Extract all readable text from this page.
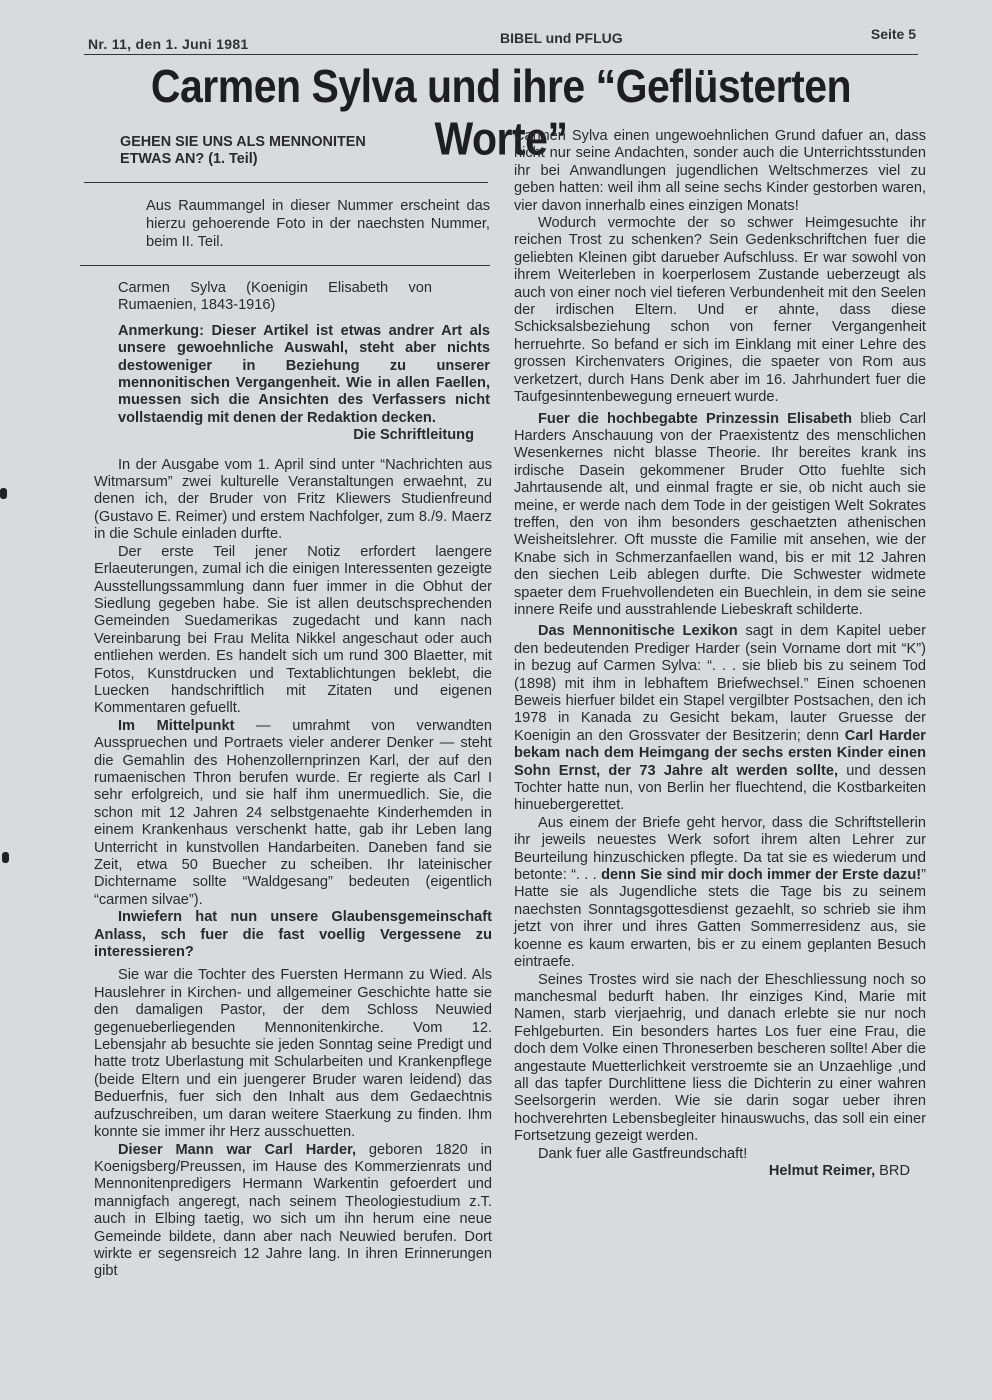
Nr. 11, den 1. Juni 1981	BIBEL und PFLUG	Seite 5
Carmen Sylva und ihre “Geflüsterten Worte”

GEHEN SIE UNS ALS MENNONITEN

ETWAS AN? (1. Teil)

Aus Raummangel in dieser Nummer erscheint das hierzu gehoerende Foto in der naechsten Nummer, beim II. Teil.

Carmen Sylva (Koenigin Elisabeth von Rumaenien, 1843-1916)

Anmerkung: Dieser Artikel ist etwas andrer Art als unsere gewoehnliche Auswahl, steht aber nichts destoweniger in Beziehung zu unserer mennonitischen Vergangenheit. Wie in allen Faellen, muessen sich die Ansichten des Verfassers nicht vollstaendig mit denen der Redaktion decken.

Die Schriftleitung

In der Ausgabe vom 1. April sind unter “Nachrichten aus Witmarsum” zwei kulturelle Veranstaltungen erwaehnt, zu denen ich, der Bruder von Fritz Kliewers Studienfreund (Gustavo E. Reimer) und erstem Nachfolger, zum 8./9. Maerz in die Schule einladen durfte.

Der erste Teil jener Notiz erfordert laengere Erlaeuterungen, zumal ich die einigen Interessenten gezeigte Ausstellungssammlung dann fuer immer in die Obhut der Siedlung gegeben habe. Sie ist allen deutschsprechenden Gemeinden Suedamerikas zugedacht und kann nach Vereinbarung bei Frau Melita Nikkel angeschaut oder auch entliehen werden. Es handelt sich um rund 300 Blaetter, mit Fotos, Kunstdrucken und Textablichtungen beklebt, die Luecken handschriftlich mit Zitaten und eigenen Kommentaren gefuellt.

Im Mittelpunkt — umrahmt von verwandten Ausspruechen und Portraets vieler anderer Denker — steht die Gemahlin des Hohenzollernprinzen Karl, der auf den rumaenischen Thron berufen wurde. Er regierte als Carl I sehr erfolgreich, und sie half ihm unermuedlich. Sie, die schon mit 12 Jahren 24 selbstgenaehte Kinderhemden in einem Krankenhaus verschenkt hatte, gab ihr Leben lang Unterricht in kunstvollen Handarbeiten. Daneben fand sie Zeit, etwa 50 Buecher zu scheiben. Ihr lateinischer Dichtername sollte “Waldgesang” bedeuten (eigentlich “carmen silvae”).

Inwiefern hat nun unsere Glaubensgemeinschaft Anlass, sch fuer die fast voellig Vergessene zu interessieren?

Sie war die Tochter des Fuersten Hermann zu Wied. Als Hauslehrer in Kirchen- und allgemeiner Geschichte hatte sie den damaligen Pastor, der dem Schloss Neuwied gegenueberliegenden Mennonitenkirche. Vom 12. Lebensjahr ab besuchte sie jeden Sonntag seine Predigt und hatte trotz Uberlastung mit Schularbeiten und Krankenpflege (beide Eltern und ein juengerer Bruder waren leidend) das Beduerfnis, fuer sich den Inhalt aus dem Gedaechtnis aufzuschreiben, um daran weitere Staerkung zu finden. Ihm konnte sie immer ihr Herz ausschuetten.

Dieser Mann war Carl Harder, geboren 1820 in Koenigsberg/Preussen, im Hause des Kommerzienrats und Mennonitenpredigers Hermann Warkentin gefoerdert und mannigfach angeregt, nach seinem Theologiestudium z.T. auch in Elbing taetig, wo sich um ihn herum eine neue Gemeinde bildete, dann aber nach Neuwied berufen. Dort wirkte er segensreich 12 Jahre lang. In ihren Erinnerungen gibt

Carmen Sylva einen ungewoehnlichen Grund dafuer an, dass nicht nur seine Andachten, sonder auch die Unterrichtsstunden ihr bei Anwandlungen jugendlichen Weltschmerzes viel zu geben hatten: weil ihm all seine sechs Kinder gestorben waren, vier davon innerhalb eines einzigen Monats!

Wodurch vermochte der so schwer Heimgesuchte ihr reichen Trost zu schenken? Sein Gedenkschriftchen fuer die geliebten Kleinen gibt darueber Aufschluss. Er war sowohl von ihrem Weiterleben in koerperlosem Zustande ueberzeugt als auch von einer noch viel tieferen Verbundenheit mit den Seelen der irdischen Eltern. Und er ahnte, dass diese Schicksalsbeziehung schon von ferner Vergangenheit herruehrte. So befand er sich im Einklang mit einer Lehre des grossen Kirchenvaters Origines, die spaeter von Rom aus verketzert, durch Hans Denk aber im 16. Jahrhundert fuer die Taufgesinntenbewegung erneuert wurde.

Fuer die hochbegabte Prinzessin Elisabeth blieb Carl Harders Anschauung von der Praexistentz des menschlichen Wesenkernes nicht blasse Theorie. Ihr bereites krank ins irdische Dasein gekommener Bruder Otto fuehlte sich Jahrtausende alt, und einmal fragte er sie, ob nicht auch sie meine, er werde nach dem Tode in der geistigen Welt Sokrates treffen, den von ihm besonders geschaetzten athenischen Weisheitslehrer. Oft musste die Familie mit ansehen, wie der Knabe sich in Schmerzanfaellen wand, bis er mit 12 Jahren den siechen Leib ablegen durfte. Die Schwester widmete spaeter dem Fruehvollendeten ein Buechlein, in dem sie seine innere Reife und ausstrahlende Liebeskraft schilderte.

Das Mennonitische Lexikon sagt in dem Kapitel ueber den bedeutenden Prediger Harder (sein Vorname dort mit “K”) in bezug auf Carmen Sylva: “. . . sie blieb bis zu seinem Tod (1898) mit ihm in lebhaftem Briefwechsel.” Einen schoenen Beweis hierfuer bildet ein Stapel vergilbter Postsachen, den ich 1978 in Kanada zu Gesicht bekam, lauter Gruesse der Koenigin an den Grossvater der Besitzerin; denn Carl Harder bekam nach dem Heimgang der sechs ersten Kinder einen Sohn Ernst, der 73 Jahre alt werden sollte, und dessen Tochter hatte nun, von Berlin her fluechtend, die Kostbarkeiten hinuebergerettet.

Aus einem der Briefe geht hervor, dass die Schriftstellerin ihr jeweils neuestes Werk sofort ihrem alten Lehrer zur Beurteilung hinzuschicken pflegte. Da tat sie es wiederum und betonte: “. . . denn Sie sind mir doch immer der Erste dazu!” Hatte sie als Jugendliche stets die Tage bis zu seinem naechsten Sonntagsgottesdienst gezaehlt, so schrieb sie ihm jetzt von ihrer und ihres Gatten Sommerresidenz aus, sie koenne es kaum erwarten, bis er zu einem geplanten Besuch eintraefe.

Seines Trostes wird sie nach der Eheschliessung noch so manchesmal bedurft haben. Ihr einziges Kind, Marie mit Namen, starb vierjaehrig, und danach erlebte sie nur noch Fehlgeburten. Ein besonders hartes Los fuer eine Frau, die doch dem Volke einen Throneserben bescheren sollte! Aber die angestaute Muetterlichkeit verstroemte sie an Unzaehlige ,und all das tapfer Durchlittene liess die Dichterin zu einer wahren Seelsorgerin werden. Wie sie darin sogar ueber ihren hochverehrten Lebensbegleiter hinauswuchs, das soll ein einer Fortsetzung gezeigt werden.

Dank fuer alle Gastfreundschaft!

Helmut Reimer, BRD
